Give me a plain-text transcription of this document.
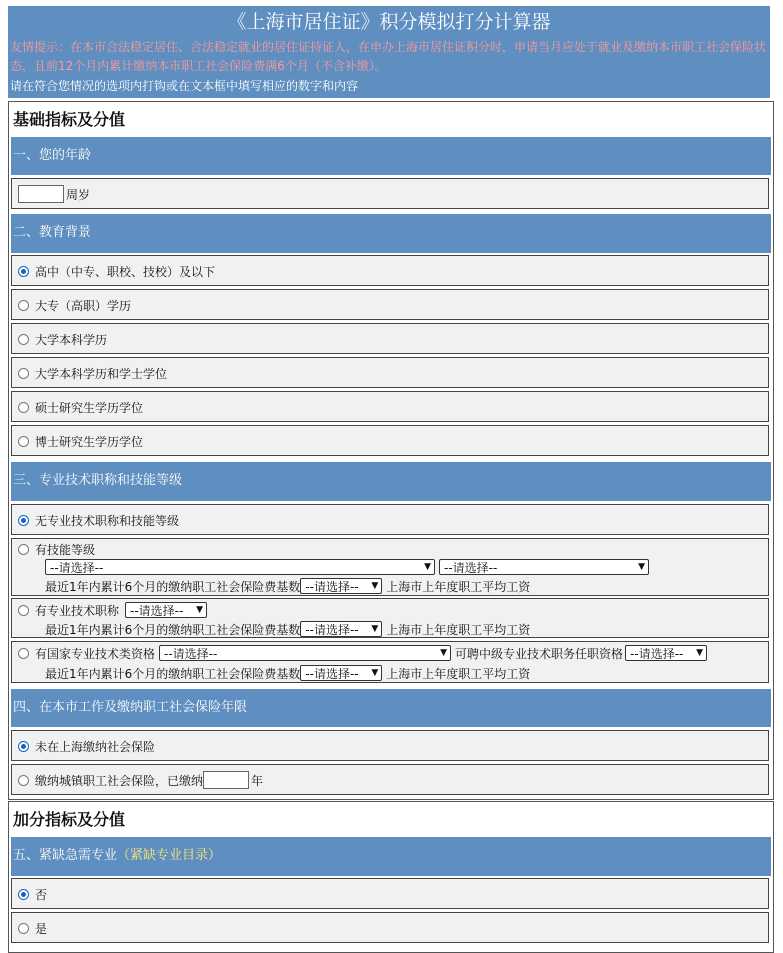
《上海市居住证》积分模拟打分计算器
友情提示：在本市合法稳定居住、合法稳定就业的居住证持证人，在申办上海市居住证积分时，申请当月应处于就业及缴纳本市职工社会保险状态，且前12个月内累计缴纳本市职工社会保险费满6个月（不含补缴）。
请在符合您情况的选项内打钩或在文本框中填写相应的数字和内容
基础指标及分值
一、您的年龄
周岁
二、教育背景
高中（中专、职校、技校）及以下
大专（高职）学历
大学本科学历
大学本科学历和学士学位
硕士研究生学历学位
博士研究生学历学位
三、专业技术职称和技能等级
无专业技术职称和技能等级
有技能等级
--请选择--	▼ --请选择--	▼
最近1年内累计6个月的缴纳职工社会保险费基数 --请选择-- ▼ 上海市上年度职工平均工资
有专业技术职称 --请选择-- ▼
最近1年内累计6个月的缴纳职工社会保险费基数 --请选择-- ▼ 上海市上年度职工平均工资
有国家专业技术类资格 --请选择--	▼ 可聘中级专业技术职务任职资格 --请选择-- ▼
最近1年内累计6个月的缴纳职工社会保险费基数 --请选择-- ▼ 上海市上年度职工平均工资
四、在本市工作及缴纳职工社会保险年限
未在上海缴纳社会保险
缴纳城镇职工社会保险，已缴纳	年
加分指标及分值
五、紧缺急需专业（紧缺专业目录）
否
是
